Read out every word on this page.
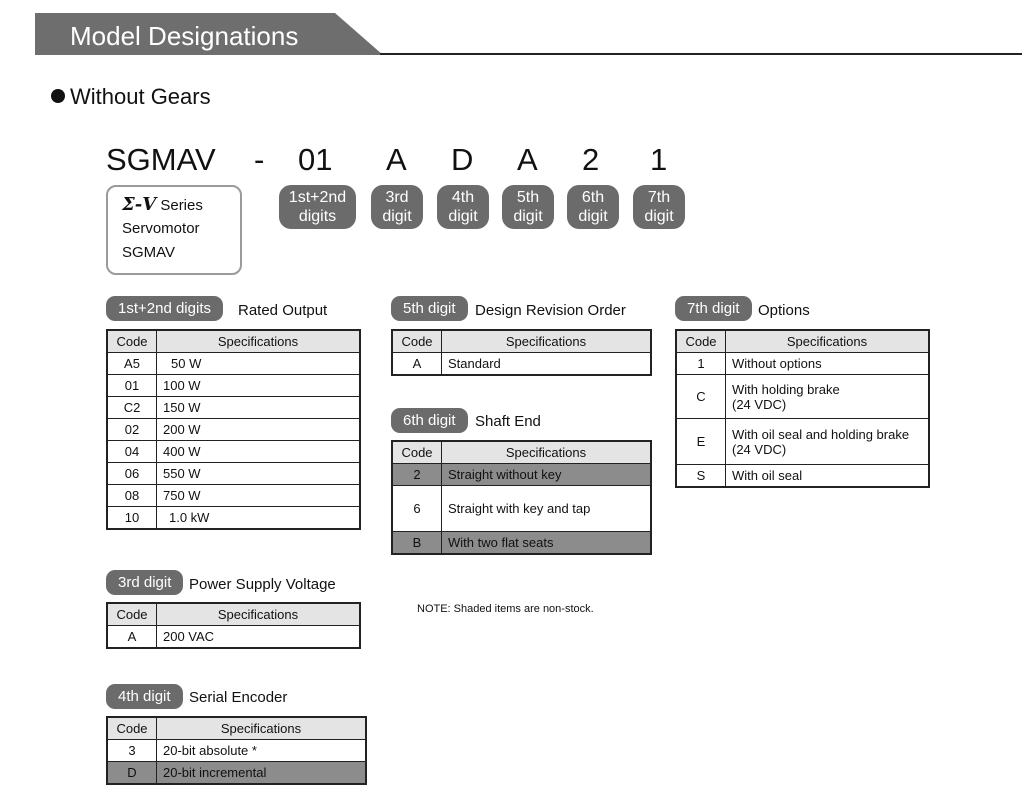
Model Designations
Without Gears
SGMAV - 01 A D A 2 1
Σ-V Series
Servomotor
SGMAV
1st+2nd
digits
3rd
digit
4th
digit
5th
digit
6th
digit
7th
digit
1st+2nd digits	Rated Output
Code	Specifications
A5	50 W
01	100 W
C2	150 W
02	200 W
04	400 W
06	550 W
08	750 W
10	1.0 kW
3rd digit	Power Supply Voltage
Code	Specifications
A	200 VAC
4th digit	Serial Encoder
Code	Specifications
3	20-bit absolute *
D	20-bit incremental
5th digit	Design Revision Order
Code	Specifications
A	Standard
6th digit	Shaft End
Code	Specifications
2	Straight without key
6	Straight with key and tap
B	With two flat seats
NOTE: Shaded items are non-stock.
7th digit	Options
Code	Specifications
1	Without options
C	With holding brake
(24 VDC)

E	With oil seal and holding brake
(24 VDC)

S	With oil seal
